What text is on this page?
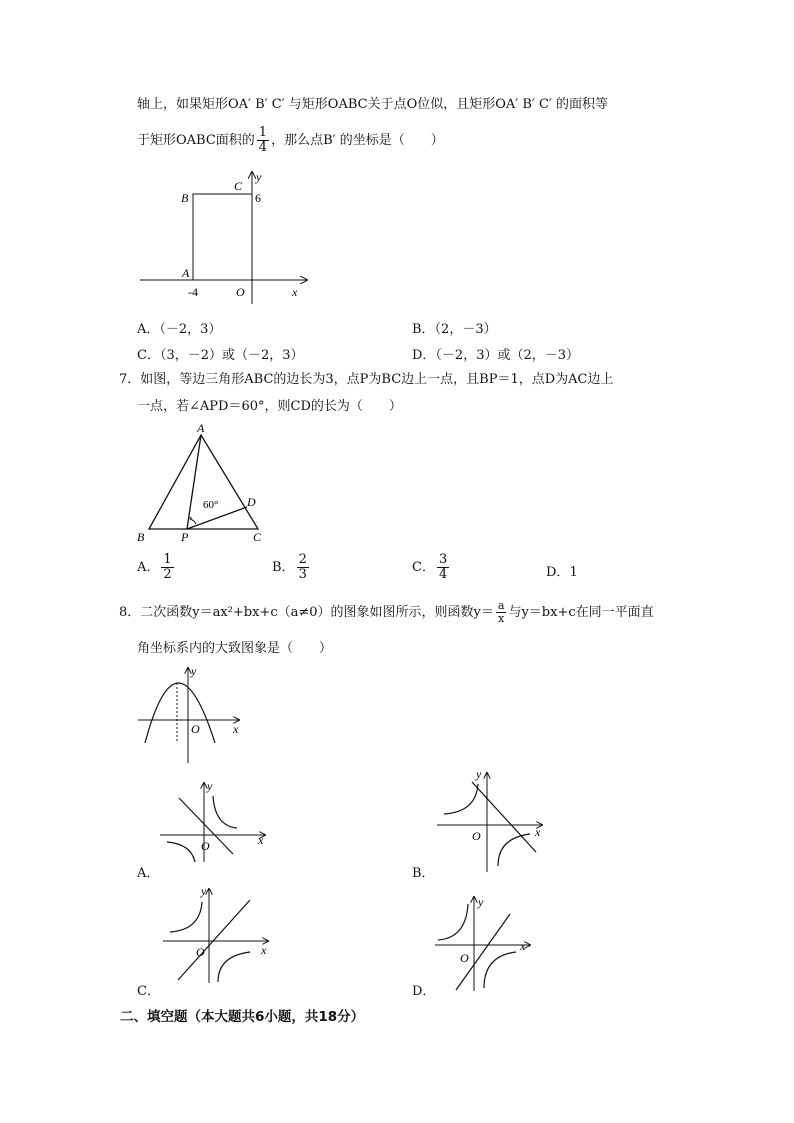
轴上，如果矩形OA′ B′ C′ 与矩形OABC关于点O位似，且矩形OA′ B′ C′ 的面积等
于矩形OABC面积的 $\frac{1}{4}$ ，那么点B′ 的坐标是（　　）
B
C
A
O	x
y
6
-4
A．（－2，3）	B．（2，－3）
C．（3，－2）或（－2，3）	D．（－2，3）或（2，－3）
7．如图，等边三角形ABC的边长为3，点P为BC边上一点，且BP＝1，点D为AC边上
一点，若∠APD＝60°，则CD的长为（　　）
A
B	C
D
P
60°
A． $\frac{1}{2}$	B． $\frac{2}{3}$	C． $\frac{3}{4}$	D．1
8．二次函数y＝ax²+bx+c（a≠0）的图象如图所示，则函数$y= \frac{a}{x}$ 与y＝bx+c在同一平面直
角坐标系内的大致图象是（　　）
x
y
O
x
y
O
A．
x
y
O
B．
x
y
O
C．
x
y
O
D．
二、填空题（本大题共6小题，共18分）
